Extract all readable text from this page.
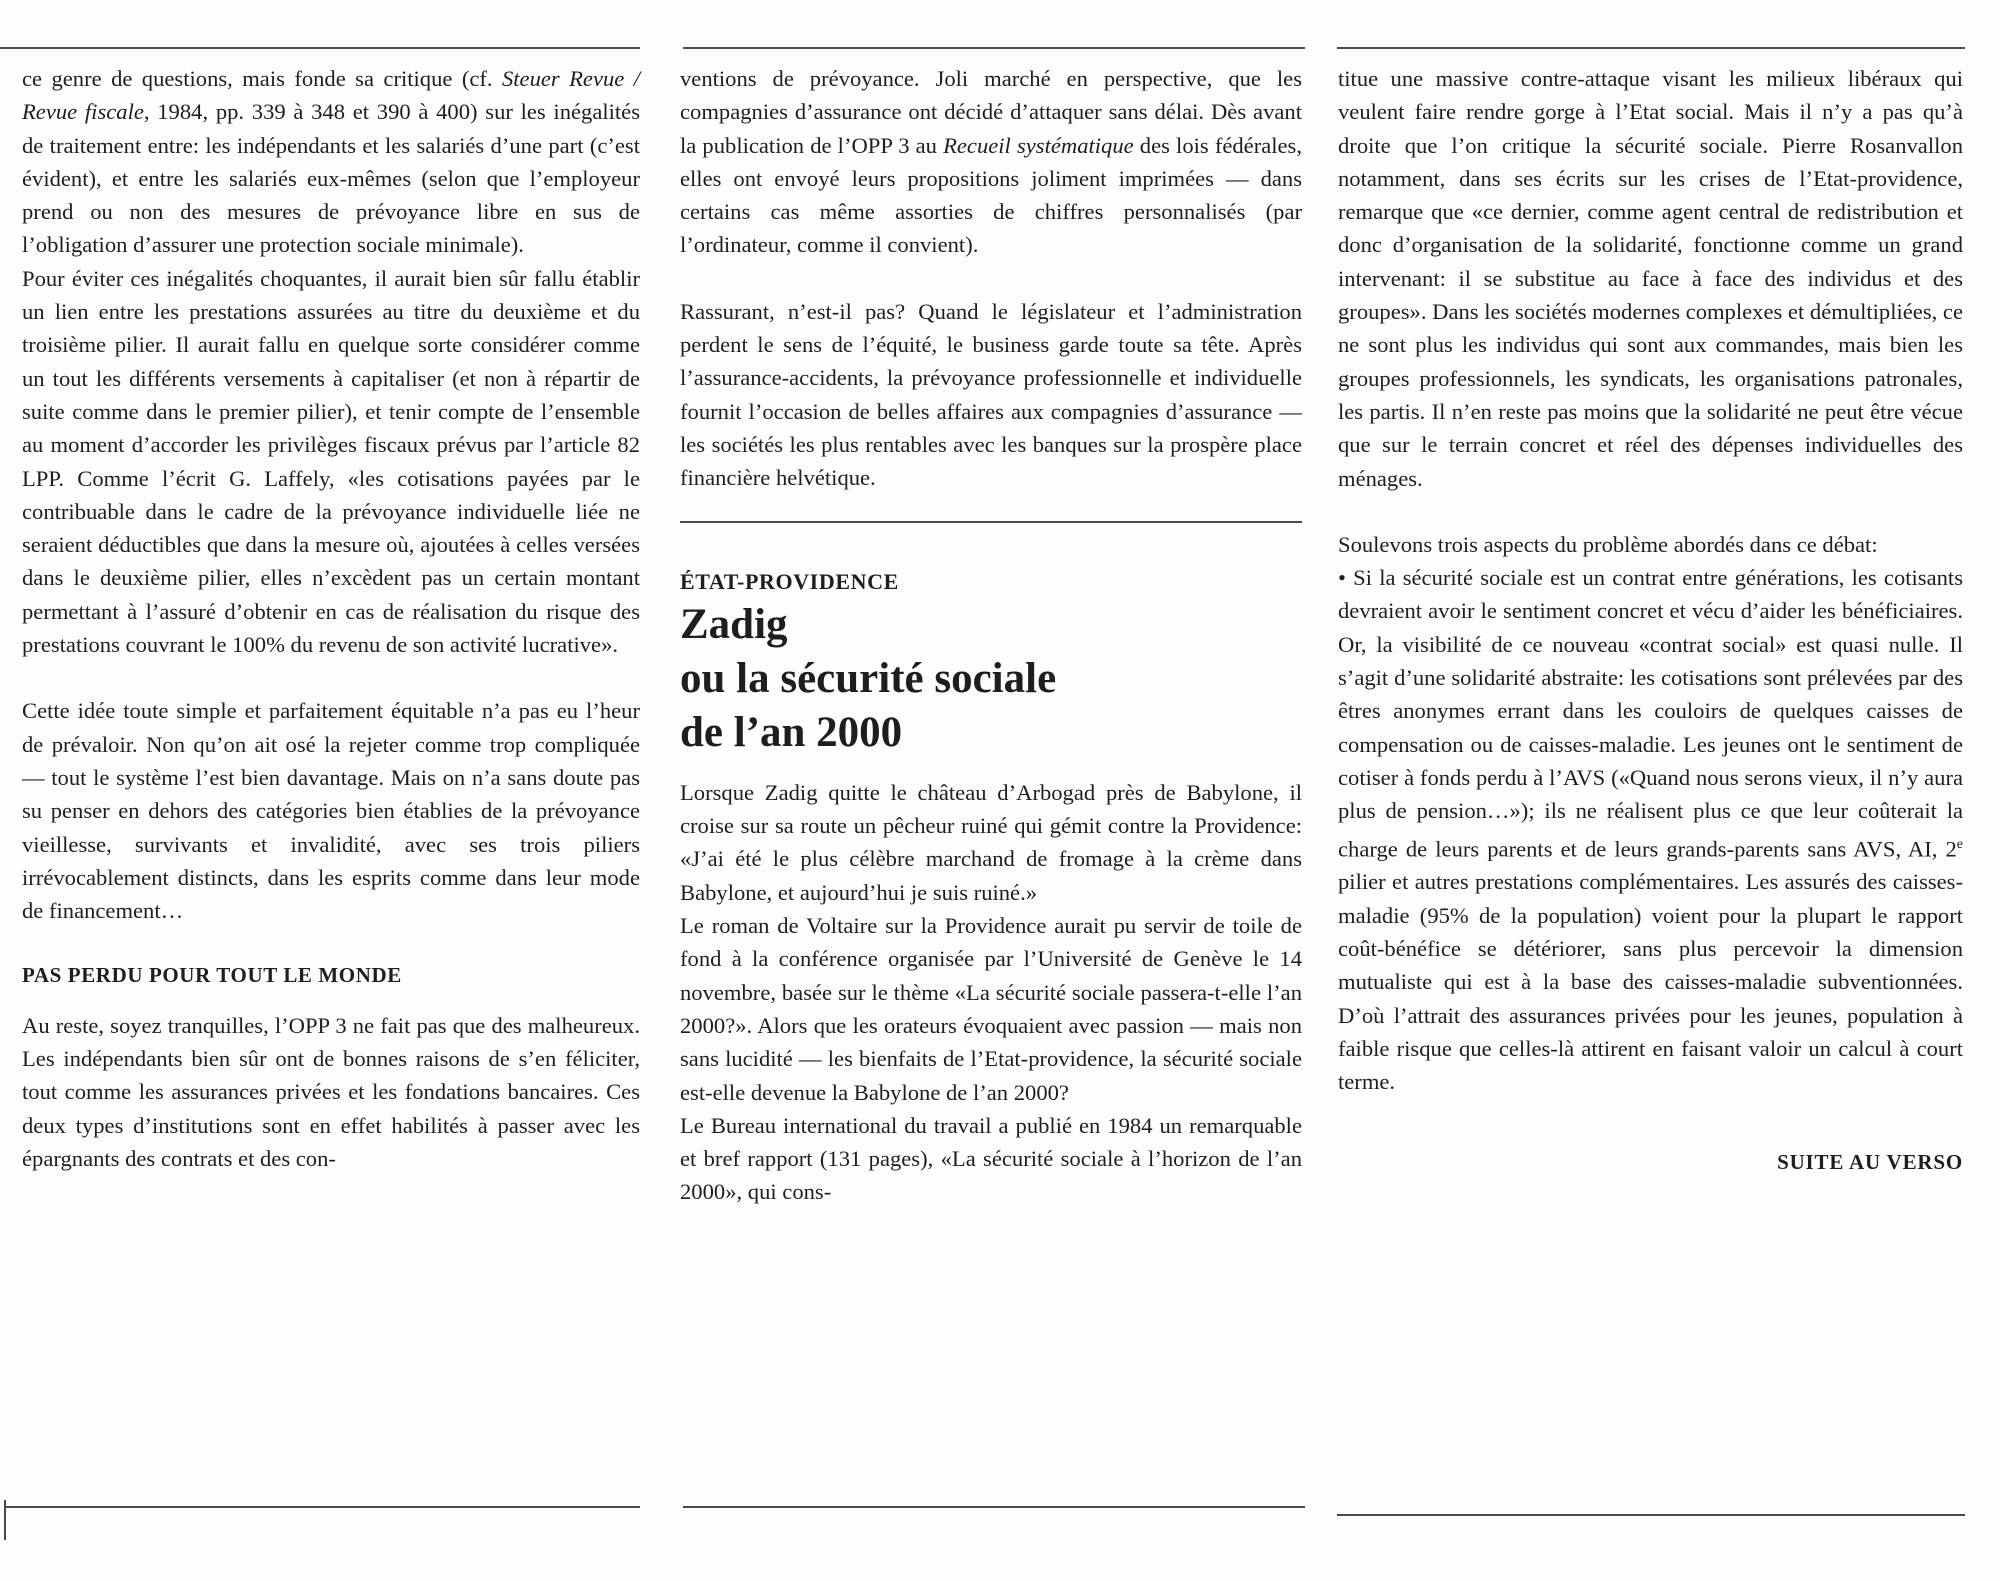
ce genre de questions, mais fonde sa critique (cf. Steuer Revue / Revue fiscale, 1984, pp. 339 à 348 et 390 à 400) sur les inégalités de traitement entre: les indépendants et les salariés d’une part (c’est évident), et entre les salariés eux-mêmes (selon que l’employeur prend ou non des mesures de prévoyance libre en sus de l’obligation d’assurer une protection sociale minimale).

Pour éviter ces inégalités choquantes, il aurait bien sûr fallu établir un lien entre les prestations assurées au titre du deuxième et du troisième pilier. Il aurait fallu en quelque sorte considérer comme un tout les différents versements à capitaliser (et non à répartir de suite comme dans le premier pilier), et tenir compte de l’ensemble au moment d’accorder les privilèges fiscaux prévus par l’article 82 LPP. Comme l’écrit G. Laffely, «les cotisations payées par le contribuable dans le cadre de la prévoyance individuelle liée ne seraient déductibles que dans la mesure où, ajoutées à celles versées dans le deuxième pilier, elles n’excèdent pas un certain montant permettant à l’assuré d’obtenir en cas de réalisation du risque des prestations couvrant le 100% du revenu de son activité lucrative».

Cette idée toute simple et parfaitement équitable n’a pas eu l’heur de prévaloir. Non qu’on ait osé la rejeter comme trop compliquée — tout le système l’est bien davantage. Mais on n’a sans doute pas su penser en dehors des catégories bien établies de la prévoyance vieillesse, survivants et invalidité, avec ses trois piliers irrévocablement distincts, dans les esprits comme dans leur mode de financement…

PAS PERDU POUR TOUT LE MONDE

Au reste, soyez tranquilles, l’OPP 3 ne fait pas que des malheureux. Les indépendants bien sûr ont de bonnes raisons de s’en féliciter, tout comme les assurances privées et les fondations bancaires. Ces deux types d’institutions sont en effet habilités à passer avec les épargnants des contrats et des con-

ventions de prévoyance. Joli marché en perspective, que les compagnies d’assurance ont décidé d’attaquer sans délai. Dès avant la publication de l’OPP 3 au Recueil systématique des lois fédérales, elles ont envoyé leurs propositions joliment imprimées — dans certains cas même assorties de chiffres personnalisés (par l’ordinateur, comme il convient).

Rassurant, n’est-il pas? Quand le législateur et l’administration perdent le sens de l’équité, le business garde toute sa tête. Après l’assurance-accidents, la prévoyance professionnelle et individuelle fournit l’occasion de belles affaires aux compagnies d’assurance — les sociétés les plus rentables avec les banques sur la prospère place financière helvétique.

ÉTAT-PROVIDENCE
Zadig
ou la sécurité sociale
de l’an 2000

Lorsque Zadig quitte le château d’Arbogad près de Babylone, il croise sur sa route un pêcheur ruiné qui gémit contre la Providence: «J’ai été le plus célèbre marchand de fromage à la crème dans Babylone, et aujourd’hui je suis ruiné.»

Le roman de Voltaire sur la Providence aurait pu servir de toile de fond à la conférence organisée par l’Université de Genève le 14 novembre, basée sur le thème «La sécurité sociale passera-t-elle l’an 2000?». Alors que les orateurs évoquaient avec passion — mais non sans lucidité — les bienfaits de l’Etat-providence, la sécurité sociale est-elle devenue la Babylone de l’an 2000?

Le Bureau international du travail a publié en 1984 un remarquable et bref rapport (131 pages), «La sécurité sociale à l’horizon de l’an 2000», qui cons-

titue une massive contre-attaque visant les milieux libéraux qui veulent faire rendre gorge à l’Etat social. Mais il n’y a pas qu’à droite que l’on critique la sécurité sociale. Pierre Rosanvallon notamment, dans ses écrits sur les crises de l’Etat-providence, remarque que «ce dernier, comme agent central de redistribution et donc d’organisation de la solidarité, fonctionne comme un grand intervenant: il se substitue au face à face des individus et des groupes». Dans les sociétés modernes complexes et démultipliées, ce ne sont plus les individus qui sont aux commandes, mais bien les groupes professionnels, les syndicats, les organisations patronales, les partis. Il n’en reste pas moins que la solidarité ne peut être vécue que sur le terrain concret et réel des dépenses individuelles des ménages.

Soulevons trois aspects du problème abordés dans ce débat:

• Si la sécurité sociale est un contrat entre générations, les cotisants devraient avoir le sentiment concret et vécu d’aider les bénéficiaires. Or, la visibilité de ce nouveau «contrat social» est quasi nulle. Il s’agit d’une solidarité abstraite: les cotisations sont prélevées par des êtres anonymes errant dans les couloirs de quelques caisses de compensation ou de caisses-maladie. Les jeunes ont le sentiment de cotiser à fonds perdu à l’AVS («Quand nous serons vieux, il n’y aura plus de pension…»); ils ne réalisent plus ce que leur coûterait la charge de leurs parents et de leurs grands-parents sans AVS, AI, 2e pilier et autres prestations complémentaires. Les assurés des caisses-maladie (95% de la population) voient pour la plupart le rapport coût-bénéfice se détériorer, sans plus percevoir la dimension mutualiste qui est à la base des caisses-maladie subventionnées. D’où l’attrait des assurances privées pour les jeunes, population à faible risque que celles-là attirent en faisant valoir un calcul à court terme.

SUITE AU VERSO
